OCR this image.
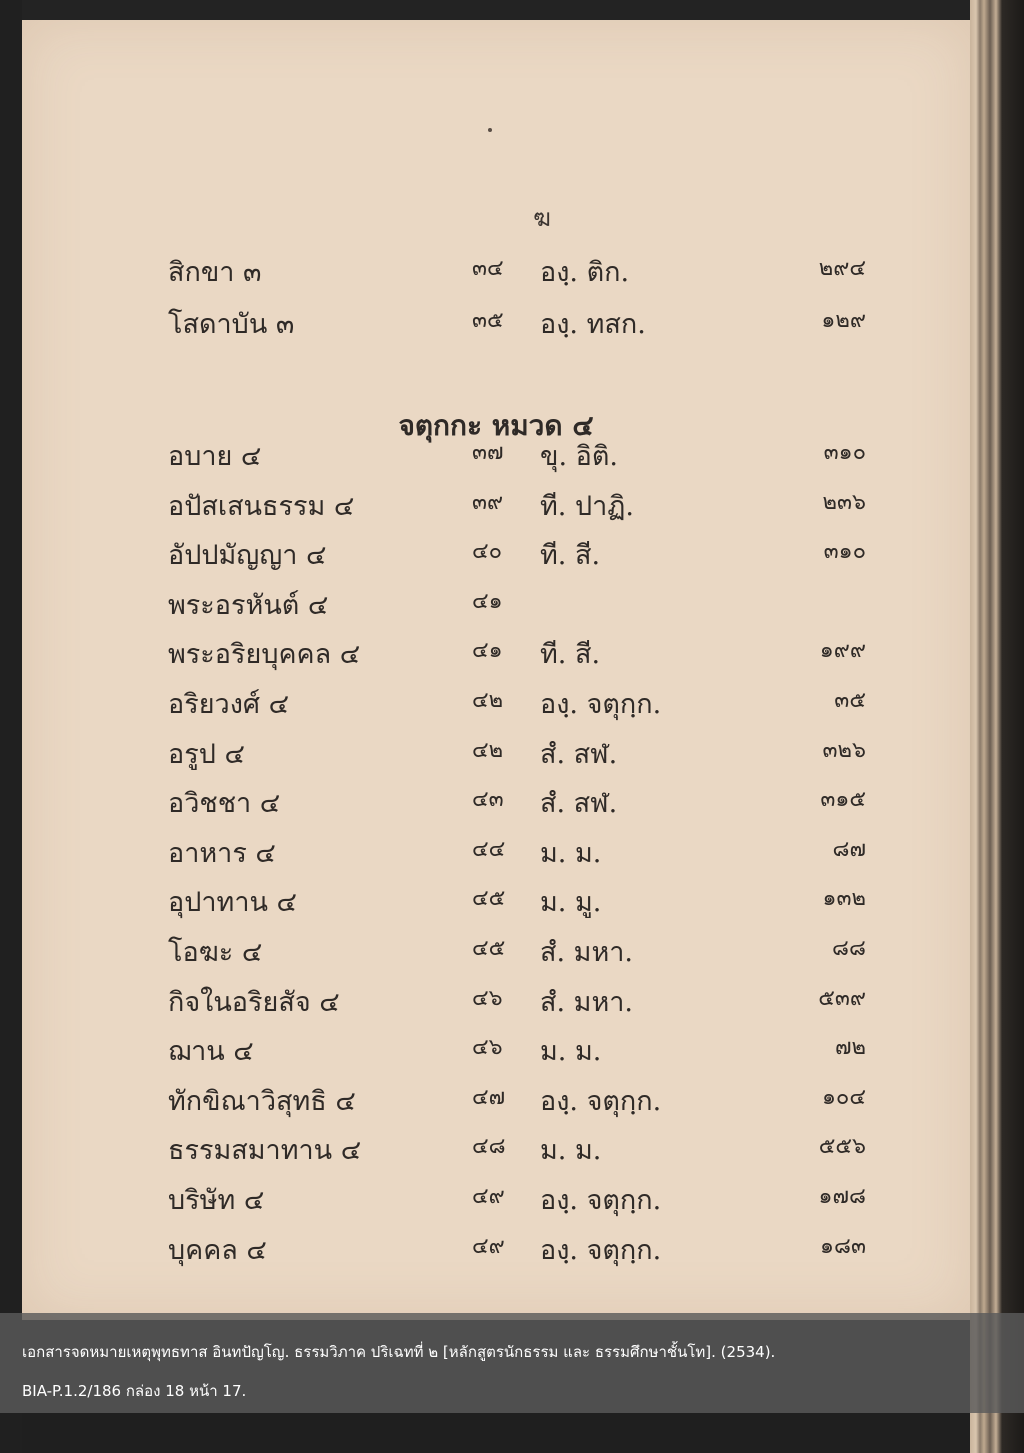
ฆ
สิกขา ๓	๓๔ องฺ. ติก.	๒๙๔
โสดาบัน ๓	๓๕ องฺ. ทสก.	๑๒๙
จตุกกะ หมวด ๔
อบาย ๔	๓๗ ขุ. อิติ.	๓๑๐
อปัสเสนธรรม ๔	๓๙ ที. ปาฏิ.	๒๓๖
อัปปมัญญา ๔	๔๐ ที. สี.	๓๑๐
พระอรหันต์ ๔	๔๑
พระอริยบุคคล ๔	๔๑ ที. สี.	๑๙๙
อริยวงศ์ ๔	๔๒ องฺ. จตุกฺก.	๓๕
อรูป ๔	๔๒ สํ. สฬ.	๓๒๖
อวิชชา ๔	๔๓ สํ. สฬ.	๓๑๕
อาหาร ๔	๔๔ ม. ม.	๘๗
อุปาทาน ๔	๔๕ ม. มู.	๑๓๒
โอฆะ ๔	๔๕ สํ. มหา.	๘๘
กิจในอริยสัจ ๔	๔๖ สํ. มหา.	๕๓๙
ฌาน ๔	๔๖ ม. ม.	๗๒
ทักขิณาวิสุทธิ ๔	๔๗ องฺ. จตุกฺก.	๑๐๔
ธรรมสมาทาน ๔	๔๘ ม. ม.	๕๕๖
บริษัท ๔	๔๙ องฺ. จตุกฺก.	๑๗๘
บุคคล ๔	๔๙ องฺ. จตุกฺก.	๑๘๓
เอกสารจดหมายเหตุพุทธทาส อินทปัญโญ. ธรรมวิภาค ปริเฉทที่ ๒ [หลักสูตรนักธรรม และ ธรรมศึกษาชั้นโท]. (2534).
BIA-P.1.2/186 กล่อง 18 หน้า 17.
